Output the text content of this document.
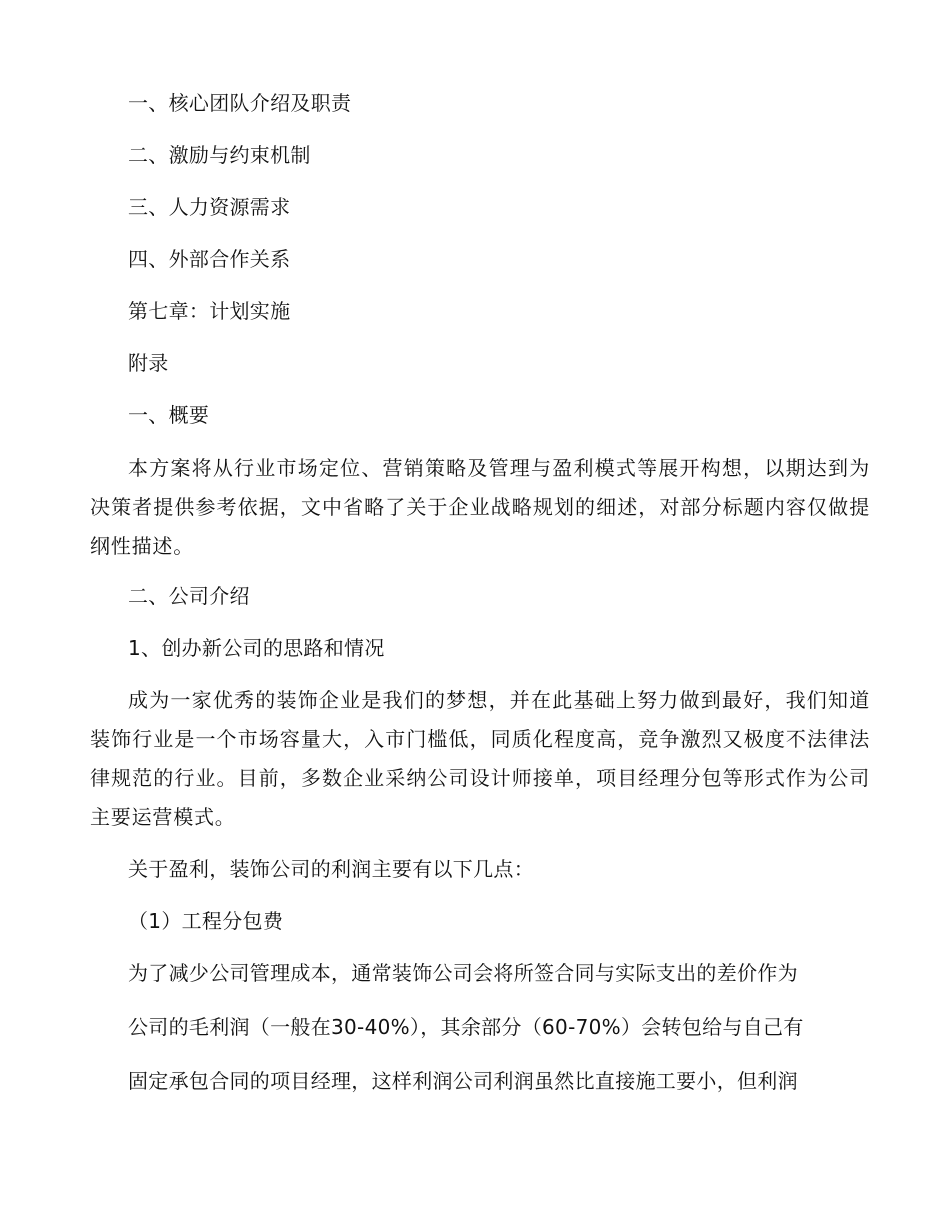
一、核心团队介绍及职责
二、激励与约束机制
三、人力资源需求
四、外部合作关系
第七章：计划实施
附录
一、概要
本方案将从行业市场定位、营销策略及管理与盈利模式等展开构想，以期达到为决策者提供参考依据，文中省略了关于企业战略规划的细述，对部分标题内容仅做提纲性描述。
二、公司介绍
1、创办新公司的思路和情况
成为一家优秀的装饰企业是我们的梦想，并在此基础上努力做到最好，我们知道装饰行业是一个市场容量大，入市门槛低，同质化程度高，竞争激烈又极度不法律法律规范的行业。目前，多数企业采纳公司设计师接单，项目经理分包等形式作为公司主要运营模式。
关于盈利，装饰公司的利润主要有以下几点：
（1）工程分包费
为了减少公司管理成本，通常装饰公司会将所签合同与实际支出的差价作为
公司的毛利润（一般在30-40%），其余部分（60-70%）会转包给与自己有
固定承包合同的项目经理，这样利润公司利润虽然比直接施工要小，但利润
